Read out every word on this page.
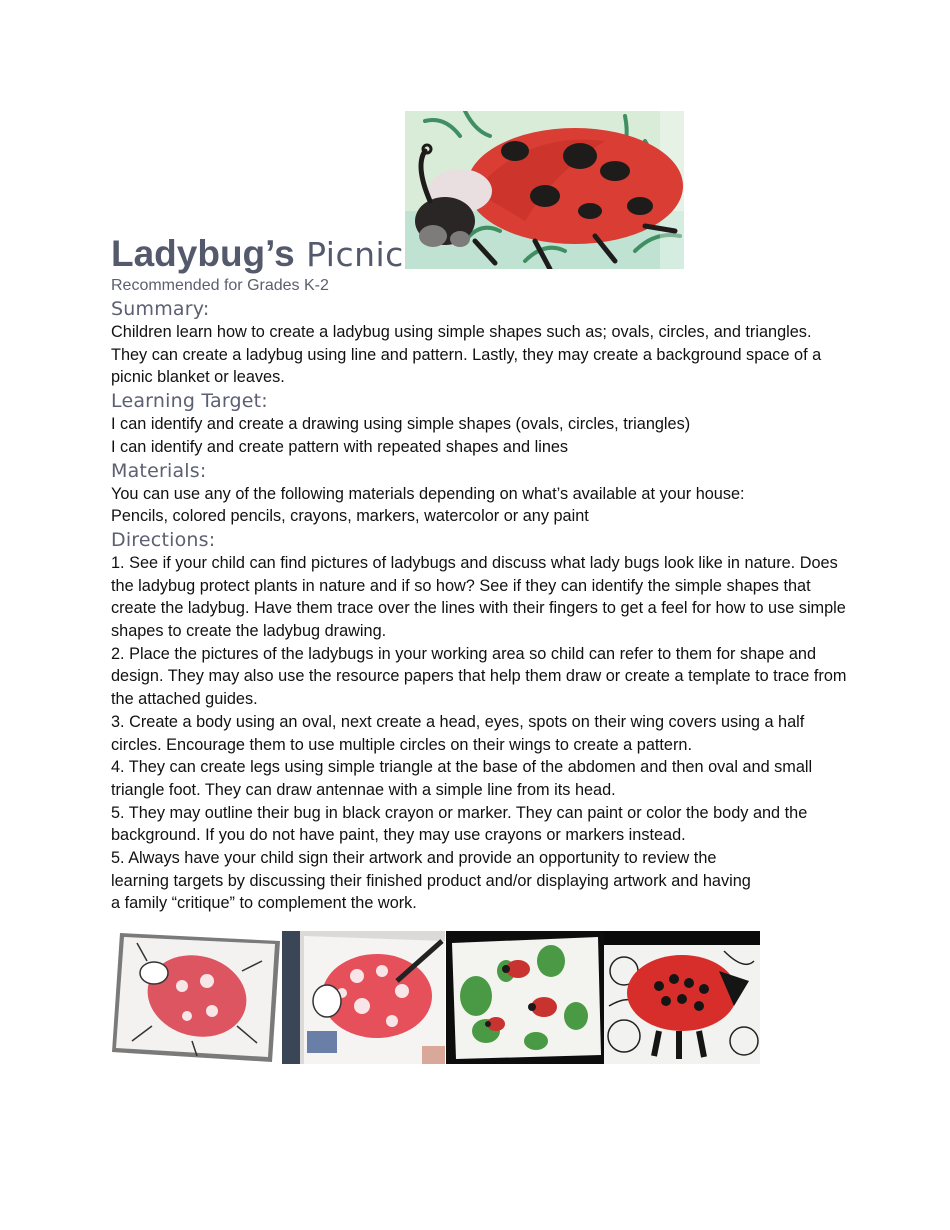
Ladybug’s Picnic
Recommended for Grades K-2
Summary:

Children learn how to create a ladybug using simple shapes such as; ovals, circles, and triangles. They can create a ladybug using line and pattern. Lastly, they may create a background space of a picnic blanket or leaves.

Learning Target:

I can identify and create a drawing using simple shapes (ovals, circles, triangles)

I can identify and create pattern with repeated shapes and lines

Materials:

You can use any of the following materials depending on what’s available at your house:

Pencils, colored pencils, crayons, markers, watercolor or any paint

Directions:

1. See if your child can find pictures of ladybugs and discuss what lady bugs look like in nature. Does the ladybug protect plants in nature and if so how? See if they can identify the simple shapes that create the ladybug. Have them trace over the lines with their fingers to get a feel for how to use simple shapes to create the ladybug drawing.

2. Place the pictures of the ladybugs in your working area so child can refer to them for shape and design. They may also use the resource papers that help them draw or create a template to trace from the attached guides.

3. Create a body using an oval, next create a head, eyes, spots on their wing covers using a half circles. Encourage them to use multiple circles on their wings to create a pattern.

4. They can create legs using simple triangle at the base of the abdomen and then oval and small triangle foot. They can draw antennae with a simple line from its head.

5. They may outline their bug in black crayon or marker. They can paint or color the body and the background. If you do not have paint, they may use crayons or markers instead.

5. Always have your child sign their artwork and provide an opportunity to review the learning targets by discussing their finished product and/or displaying artwork and having a family “critique” to complement the work.
